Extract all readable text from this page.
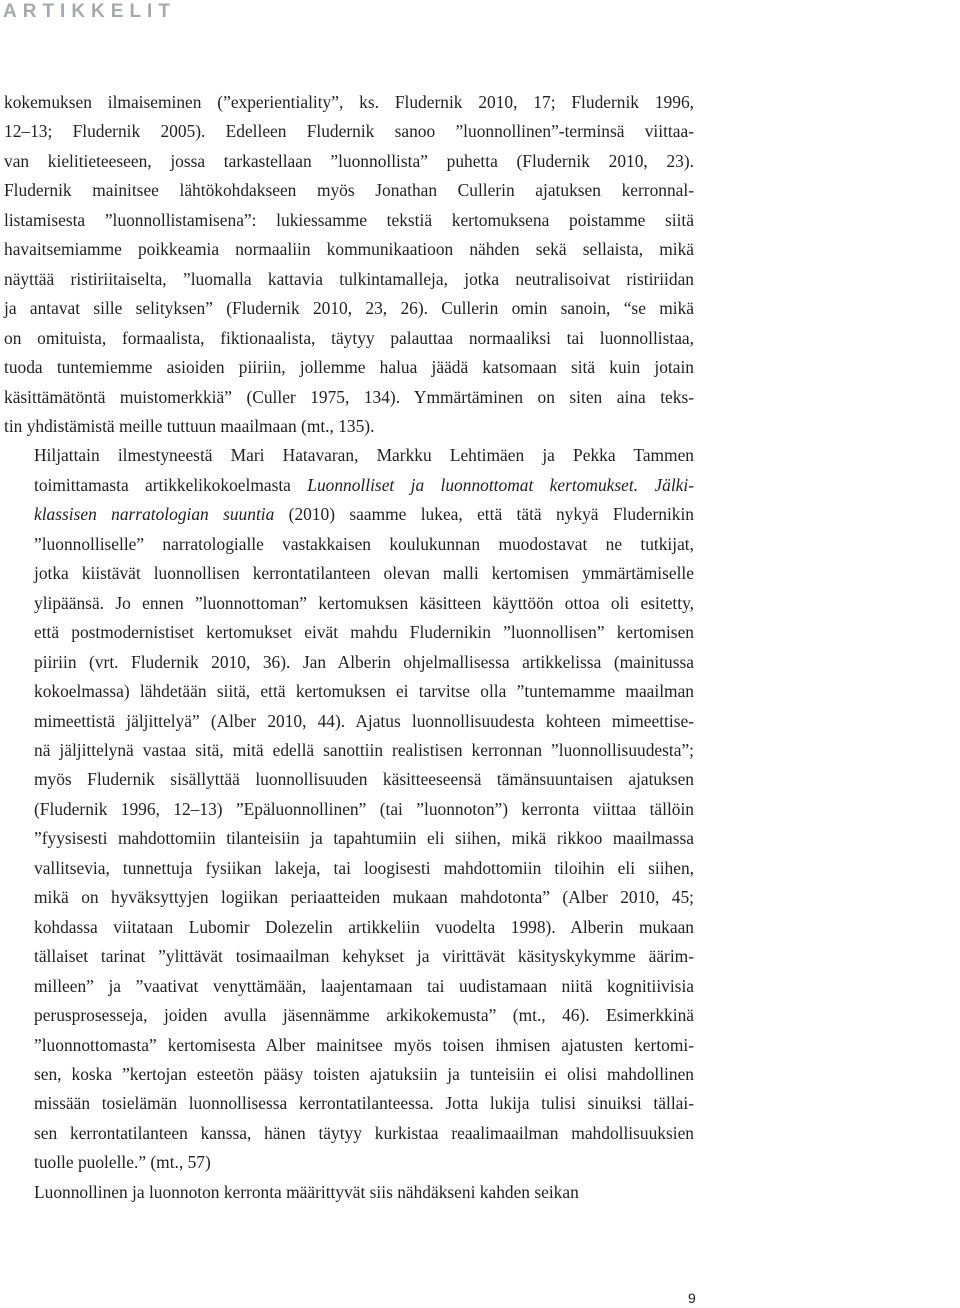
ARTIKKELIT

kokemuksen ilmaiseminen (”experientiality”, ks. Fludernik 2010, 17; Fludernik 1996,
12–13; Fludernik 2005). Edelleen Fludernik sanoo ”luonnollinen”-terminsä viittaa-
van kielitieteeseen, jossa tarkastellaan ”luonnollista” puhetta (Fludernik 2010, 23).
Fludernik mainitsee lähtökohdakseen myös Jonathan Cullerin ajatuksen kerronnal-
listamisesta ”luonnollistamisena”: lukiessamme tekstiä kertomuksena poistamme siitä
havaitsemiamme poikkeamia normaaliin kommunikaatioon nähden sekä sellaista, mikä
näyttää ristiriitaiselta, ”luomalla kattavia tulkintamalleja, jotka neutralisoivat ristiriidan
ja antavat sille selityksen” (Fludernik 2010, 23, 26). Cullerin omin sanoin, “se mikä
on omituista, formaalista, fiktionaalista, täytyy palauttaa normaaliksi tai luonnollistaa,
tuoda tuntemiemme asioiden piiriin, jollemme halua jäädä katsomaan sitä kuin jotain
käsittämätöntä muistomerkkiä” (Culler 1975, 134). Ymmärtäminen on siten aina teks-
tin yhdistämistä meille tuttuun maailmaan (mt., 135).

Hiljattain ilmestyneestä Mari Hatavaran, Markku Lehtimäen ja Pekka Tammen
toimittamasta artikkelikokoelmasta Luonnolliset ja luonnottomat kertomukset. Jälki-
klassisen narratologian suuntia (2010) saamme lukea, että tätä nykyä Fludernikin
”luonnolliselle” narratologialle vastakkaisen koulukunnan muodostavat ne tutkijat,
jotka kiistävät luonnollisen kerrontatilanteen olevan malli kertomisen ymmärtämiselle
ylipäänsä. Jo ennen ”luonnottoman” kertomuksen käsitteen käyttöön ottoa oli esitetty,
että postmodernistiset kertomukset eivät mahdu Fludernikin ”luonnollisen” kertomisen
piiriin (vrt. Fludernik 2010, 36). Jan Alberin ohjelmallisessa artikkelissa (mainitussa
kokoelmassa) lähdetään siitä, että kertomuksen ei tarvitse olla ”tuntemamme maailman
mimeettistä jäljittelyä” (Alber 2010, 44). Ajatus luonnollisuudesta kohteen mimeettise-
nä jäljittelynä vastaa sitä, mitä edellä sanottiin realistisen kerronnan ”luonnollisuudesta”;
myös Fludernik sisällyttää luonnollisuuden käsitteeseensä tämänsuuntaisen ajatuksen
(Fludernik 1996, 12–13) ”Epäluonnollinen” (tai ”luonnoton”) kerronta viittaa tällöin
”fyysisesti mahdottomiin tilanteisiin ja tapahtumiin eli siihen, mikä rikkoo maailmassa
vallitsevia, tunnettuja fysiikan lakeja, tai loogisesti mahdottomiin tiloihin eli siihen,
mikä on hyväksyttyjen logiikan periaatteiden mukaan mahdotonta” (Alber 2010, 45;
kohdassa viitataan Lubomir Dolezelin artikkeliin vuodelta 1998). Alberin mukaan
tällaiset tarinat ”ylittävät tosimaailman kehykset ja virittävät käsityskykymme äärim-
milleen” ja ”vaativat venyttämään, laajentamaan tai uudistamaan niitä kognitiivisia
perusprosesseja, joiden avulla jäsennämme arkikokemusta” (mt., 46). Esimerkkinä
”luonnottomasta” kertomisesta Alber mainitsee myös toisen ihmisen ajatusten kertomi-
sen, koska ”kertojan esteetön pääsy toisten ajatuksiin ja tunteisiin ei olisi mahdollinen
missään tosielämän luonnollisessa kerrontatilanteessa. Jotta lukija tulisi sinuiksi tällai-
sen kerrontatilanteen kanssa, hänen täytyy kurkistaa reaalimaailman mahdollisuuksien
tuolle puolelle.” (mt., 57)

Luonnollinen ja luonnoton kerronta määrittyvät siis nähdäkseni kahden seikan

9
